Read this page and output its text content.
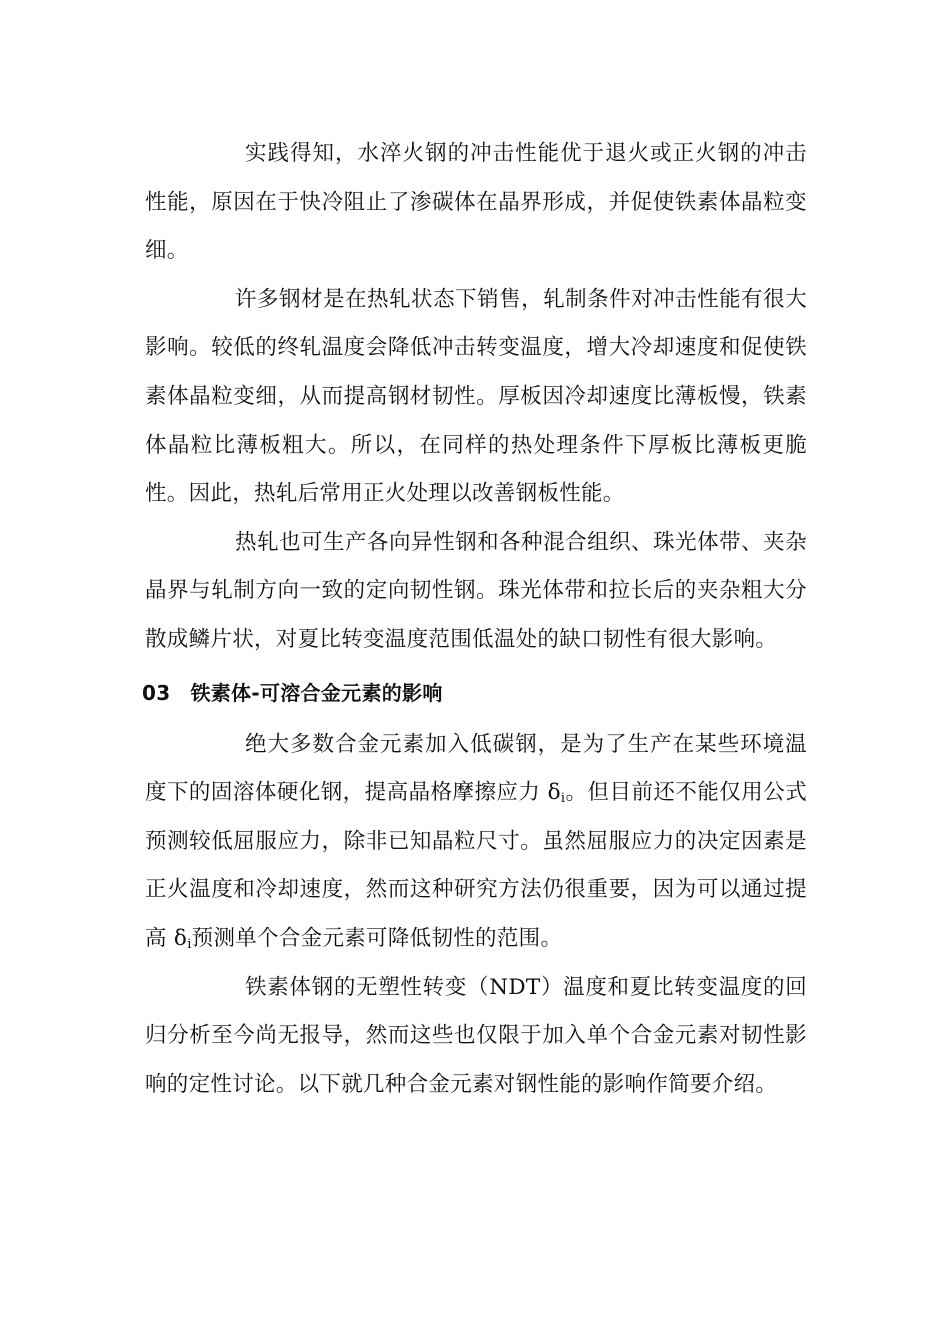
实践得知，水淬火钢的冲击性能优于退火或正火钢的冲击性能，原因在于快冷阻止了渗碳体在晶界形成，并促使铁素体晶粒变细。

许多钢材是在热轧状态下销售，轧制条件对冲击性能有很大影响。较低的终轧温度会降低冲击转变温度，增大冷却速度和促使铁素体晶粒变细，从而提高钢材韧性。厚板因冷却速度比薄板慢，铁素体晶粒比薄板粗大。所以，在同样的热处理条件下厚板比薄板更脆性。因此，热轧后常用正火处理以改善钢板性能。

热轧也可生产各向异性钢和各种混合组织、珠光体带、夹杂晶界与轧制方向一致的定向韧性钢。珠光体带和拉长后的夹杂粗大分散成鳞片状，对夏比转变温度范围低温处的缺口韧性有很大影响。

03 铁素体-可溶合金元素的影响

绝大多数合金元素加入低碳钢，是为了生产在某些环境温度下的固溶体硬化钢，提高晶格摩擦应力 $\delta_i$。但目前还不能仅用公式预测较低屈服应力，除非已知晶粒尺寸。虽然屈服应力的决定因素是正火温度和冷却速度，然而这种研究方法仍很重要，因为可以通过提高 $\delta_i$预测单个合金元素可降低韧性的范围。

铁素体钢的无塑性转变（NDT）温度和夏比转变温度的回归分析至今尚无报导，然而这些也仅限于加入单个合金元素对韧性影响的定性讨论。以下就几种合金元素对钢性能的影响作简要介绍。
